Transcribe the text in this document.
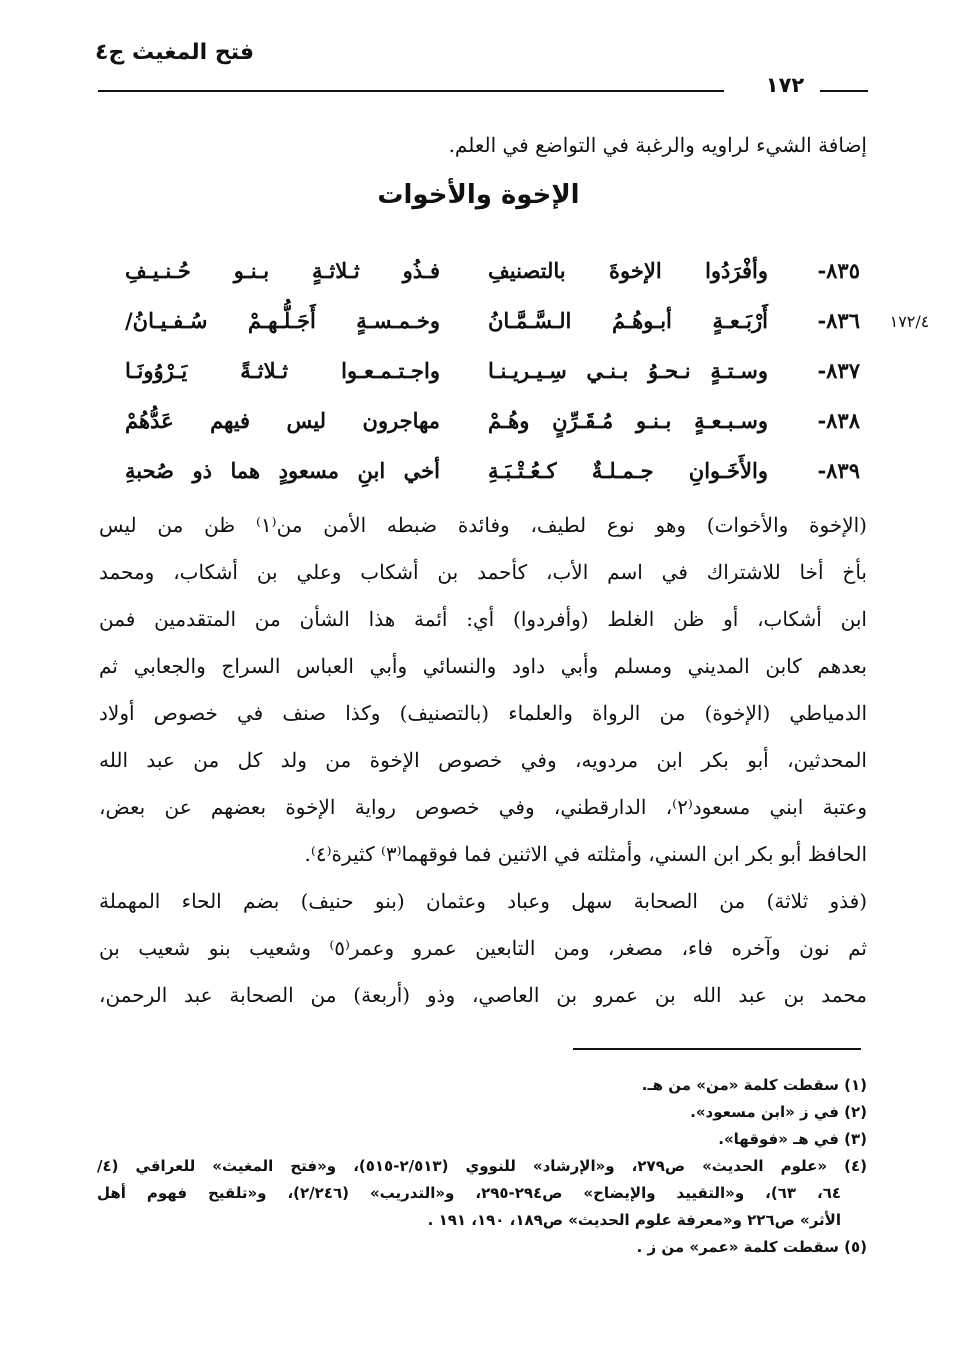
فتح المغيث ج٤
١٧٢
إضافة الشيء لراويه والرغبة في التواضع في العلم.
الإخوة والأخوات
٨٣٥-
وأفْرَدُوا الإخوةَ بالتصنيفِ
فـذُو ثـلاثـةٍ بـنـو حُـنـيـفِ
٨٣٦-
أَرْبَـعـةٍ أبـوهُـمُ الـسَّـمَّـانُ
وخـمـسـةٍ أَجَـلُّـهـمْ سُـفـيـانُ/
٨٣٧-
وسـتـةٍ نـحـوُ بـنـي سِـيـريـنـا
واجـتـمـعـوا ثـلاثـةً يَـرْوُونَـا
٨٣٨-
وسـبـعـةٍ بـنـو مُـقَـرِّنٍ وهُـمْ
مهاجرون ليس فيهم عَدُّهُمْ
٨٣٩-
والأَخَـوانِ جـمـلـةٌ كـعُـتْـبَـةِ
أخي ابنِ مسعودٍ هما ذو صُحبةِ
١٧٢/٤
(الإخوة والأخوات) وهو نوع لطيف، وفائدة ضبطه الأمن من⁽١⁾ ظن من ليس
بأخ أخا للاشتراك في اسم الأب، كأحمد بن أشكاب وعلي بن أشكاب، ومحمد
ابن أشكاب، أو ظن الغلط (وأفردوا) أي: أئمة هذا الشأن من المتقدمين فمن
بعدهم كابن المديني ومسلم وأبي داود والنسائي وأبي العباس السراج والجعابي ثم
الدمياطي (الإخوة) من الرواة والعلماء (بالتصنيف) وكذا صنف في خصوص أولاد
المحدثين، أبو بكر ابن مردويه، وفي خصوص الإخوة من ولد كل من عبد الله
وعتبة ابني مسعود⁽٢⁾، الدارقطني، وفي خصوص رواية الإخوة بعضهم عن بعض،
الحافظ أبو بكر ابن السني، وأمثلته في الاثنين فما فوقهما⁽٣⁾ كثيرة⁽٤⁾.
(فذو ثلاثة) من الصحابة سهل وعباد وعثمان (بنو حنيف) بضم الحاء المهملة
ثم نون وآخره فاء، مصغر، ومن التابعين عمرو وعمر⁽٥⁾ وشعيب بنو شعيب بن
محمد بن عبد الله بن عمرو بن العاصي، وذو (أربعة) من الصحابة عبد الرحمن،
(١) سقطت كلمة «من» من هـ.
(٢) في ز «ابن مسعود».
(٣) في هـ «فوقها».
(٤) «علوم الحديث» ص٢٧٩، و«الإرشاد» للنووي (٢/٥١٣-٥١٥)، و«فتح المغيث» للعراقي (٤/
٦٤، ٦٣)، و«التقييد والإيضاح» ص٢٩٤-٢٩٥، و«التدريب» (٢/٢٤٦)، و«تلقيح فهوم أهل
الأثر» ص٢٢٦ و«معرفة علوم الحديث» ص١٨٩، ١٩٠، ١٩١ .
(٥) سقطت كلمة «عمر» من ز .
